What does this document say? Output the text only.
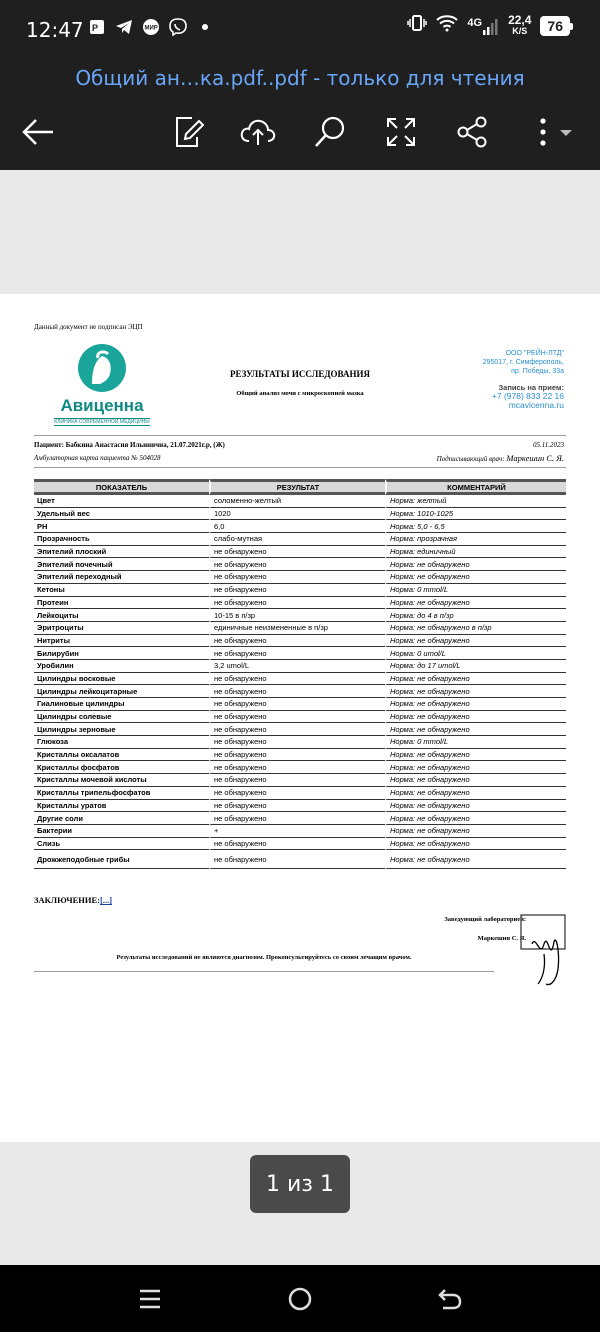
12:47 P	МИР	4G 22,4
K/S	76
Общий ан…ка.pdf..pdf - только для чтения
Данный документ не подписан ЭЦП
Авиценна
КЛИНИКА СОВРЕМЕННОЙ МЕДИЦИНЫ
РЕЗУЛЬТАТЫ ИССЛЕДОВАНИЯ
Общий анализ мочи с микроскопией мазка
ООО "РЕЙН-ЛТД"
295017, г. Симферополь,
пр. Победы, 33а
Запись на прием:
+7 (978) 833 22 16
mcavicenna.ru
Пациент: Бабкина Анастасия Ильинична, 21.07.2021г.р, (Ж)	05.11.2023
Амбулаторная карта пациента № 504028	Подписывающий врач: Маркешин С. Я.
ПОКАЗАТЕЛЬ	РЕЗУЛЬТАТ	КОММЕНТАРИЙ
Цвет	соломенно-желтый	Норма: желтый
Удельный вес	1020	Норма: 1010-1025
PH	6,0	Норма: 5,0 - 6,5
Прозрачность	слабо-мутная	Норма: прозрачная
Эпителий плоский	не обнаружено	Норма: единичный
Эпителий почечный	не обнаружено	Норма: не обнаружено
Эпителий переходный	не обнаружено	Норма: не обнаружено
Кетоны	не обнаружено	Норма: 0 mmol/L
Протеин	не обнаружено	Норма: не обнаружено
Лейкоциты	10-15 в п/зр	Норма: до 4 в п/зр
Эритроциты	единичные неизмененные в п/зр	Норма: не обнаружено в п/зр
Нитриты	не обнаружено	Норма: не обнаружено
Билирубин	не обнаружено	Норма: 0 umol/L
Уробилин	3,2 umol/L	Норма: до 17 umol/L
Цилиндры восковые	не обнаружено	Норма: не обнаружено
Цилиндры лейкоцитарные	не обнаружено	Норма: не обнаружено
Гиалиновые цилиндры	не обнаружено	Норма: не обнаружено
Цилиндры солевые	не обнаружено	Норма: не обнаружено
Цилиндры зерновые	не обнаружено	Норма: не обнаружено
Глюкоза	не обнаружено	Норма: 0 mmol/L
Кристаллы оксалатов	не обнаружено	Норма: не обнаружено
Кристаллы фосфатов	не обнаружено	Норма: не обнаружено
Кристаллы мочевой кислоты	не обнаружено	Норма: не обнаружено
Кристаллы трипельфосфатов	не обнаружено	Норма: не обнаружено
Кристаллы уратов	не обнаружено	Норма: не обнаружено
Другие соли	не обнаружено	Норма: не обнаружено
Бактерии	+	Норма: не обнаружено
Слизь	не обнаружено	Норма: не обнаружено
Дрожжеподобные грибы	не обнаружено	Норма: не обнаружено
ЗАКЛЮЧЕНИЕ:[...]
Заведующий лабораторией:
Маркешин С. Я.
Результаты исследований не являются диагнозом. Проконсультируйтесь со своим лечащим врачом.
1 из 1
